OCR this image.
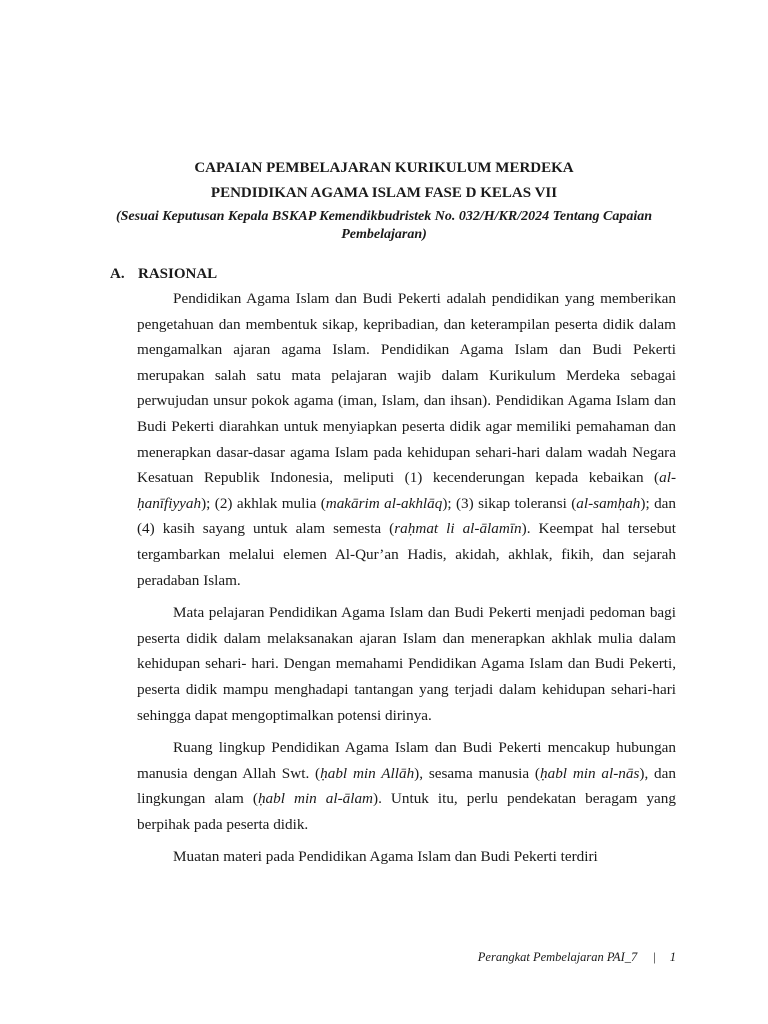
CAPAIAN PEMBELAJARAN KURIKULUM MERDEKA
PENDIDIKAN AGAMA ISLAM FASE D KELAS VII
(Sesuai Keputusan Kepala BSKAP Kemendikbudristek No. 032/H/KR/2024 Tentang Capaian Pembelajaran)
A. RASIONAL

Pendidikan Agama Islam dan Budi Pekerti adalah pendidikan yang memberikan pengetahuan dan membentuk sikap, kepribadian, dan keterampilan peserta didik dalam mengamalkan ajaran agama Islam. Pendidikan Agama Islam dan Budi Pekerti merupakan salah satu mata pelajaran wajib dalam Kurikulum Merdeka sebagai perwujudan unsur pokok agama (iman, Islam, dan ihsan). Pendidikan Agama Islam dan Budi Pekerti diarahkan untuk menyiapkan peserta didik agar memiliki pemahaman dan menerapkan dasar-dasar agama Islam pada kehidupan sehari-hari dalam wadah Negara Kesatuan Republik Indonesia, meliputi (1) kecenderungan kepada kebaikan (al- ḥanīfiyyah); (2) akhlak mulia (makārim al-akhlāq); (3) sikap toleransi (al-samḥah); dan (4) kasih sayang untuk alam semesta (raḥmat li al-ālamīn). Keempat hal tersebut tergambarkan melalui elemen Al-Qur’an Hadis, akidah, akhlak, fikih, dan sejarah peradaban Islam.

Mata pelajaran Pendidikan Agama Islam dan Budi Pekerti menjadi pedoman bagi peserta didik dalam melaksanakan ajaran Islam dan menerapkan akhlak mulia dalam kehidupan sehari- hari. Dengan memahami Pendidikan Agama Islam dan Budi Pekerti, peserta didik mampu menghadapi tantangan yang terjadi dalam kehidupan sehari-hari sehingga dapat mengoptimalkan potensi dirinya.

Ruang lingkup Pendidikan Agama Islam dan Budi Pekerti mencakup hubungan manusia dengan Allah Swt. (ḥabl min Allāh), sesama manusia (ḥabl min al-nās), dan lingkungan alam (ḥabl min al-ālam). Untuk itu, perlu pendekatan beragam yang berpihak pada peserta didik.

Muatan materi pada Pendidikan Agama Islam dan Budi Pekerti terdiri

Perangkat Pembelajaran PAI_7 | 1
